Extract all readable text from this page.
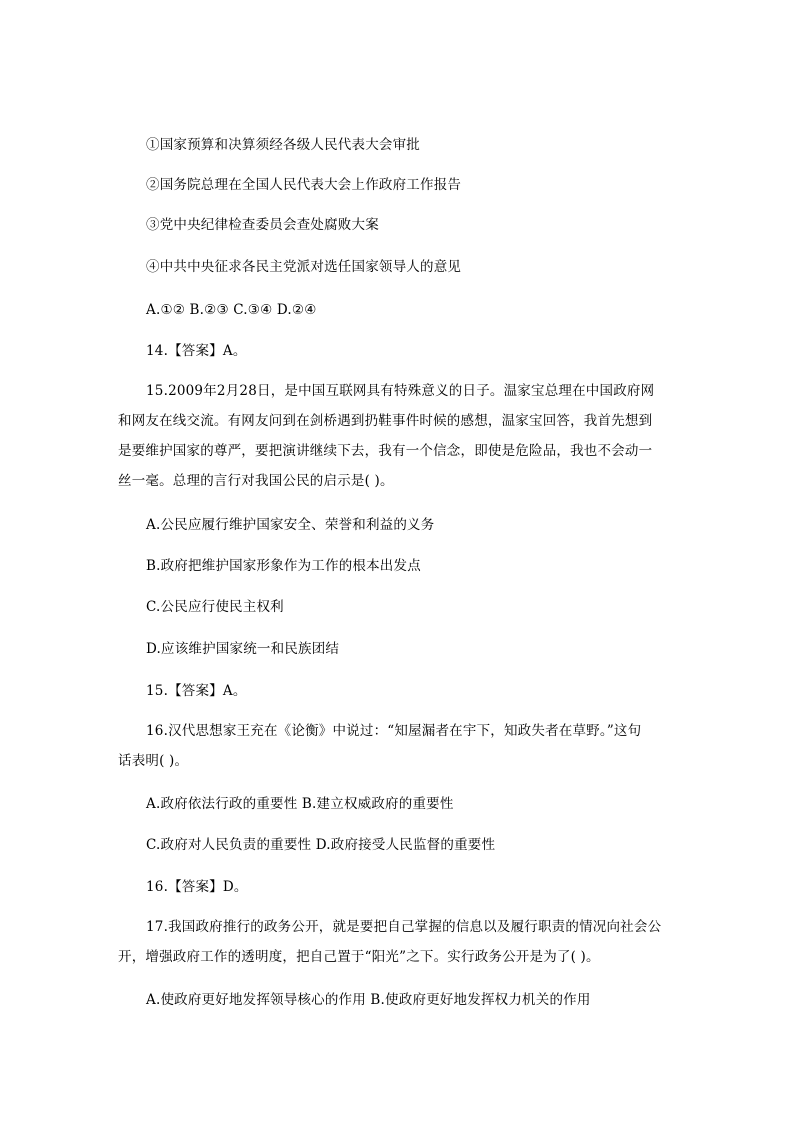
①国家预算和决算须经各级人民代表大会审批
②国务院总理在全国人民代表大会上作政府工作报告
③党中央纪律检查委员会查处腐败大案
④中共中央征求各民主党派对选任国家领导人的意见
A.①② B.②③ C.③④ D.②④
14.【答案】A。
15.2009年2月28日，是中国互联网具有特殊意义的日子。温家宝总理在中国政府网
和网友在线交流。有网友问到在剑桥遇到扔鞋事件时候的感想，温家宝回答，我首先想到
是要维护国家的尊严，要把演讲继续下去，我有一个信念，即使是危险品，我也不会动一
丝一毫。总理的言行对我国公民的启示是( )。
A.公民应履行维护国家安全、荣誉和利益的义务
B.政府把维护国家形象作为工作的根本出发点
C.公民应行使民主权利
D.应该维护国家统一和民族团结
15.【答案】A。
16.汉代思想家王充在《论衡》中说过：“知屋漏者在宇下，知政失者在草野。”这句
话表明( )。
A.政府依法行政的重要性 B.建立权威政府的重要性
C.政府对人民负责的重要性 D.政府接受人民监督的重要性
16.【答案】D。
17.我国政府推行的政务公开，就是要把自己掌握的信息以及履行职责的情况向社会公
开，增强政府工作的透明度，把自己置于“阳光”之下。实行政务公开是为了( )。
A.使政府更好地发挥领导核心的作用 B.使政府更好地发挥权力机关的作用
